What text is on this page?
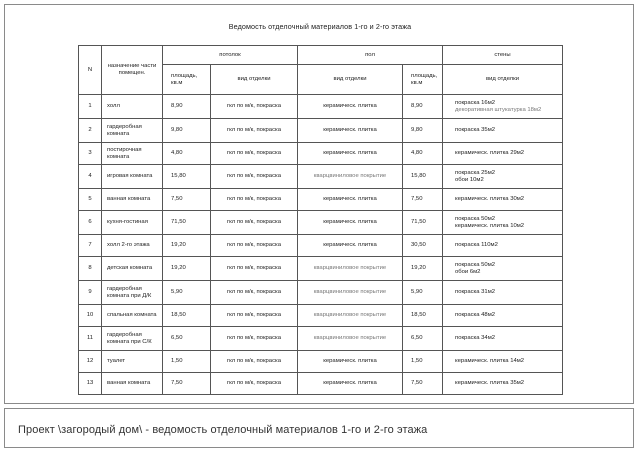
Ведомость отделочный материалов 1-го и 2-го этажа
N	назначение части помещен.	потолок		пол		стены
		площадь, кв.м	вид отделки	вид отделки	площадь, кв.м	вид отделки
1	холл	8,90	гкл по м/к, покраска	керамическ. плитка	8,90	покраска 16м2
декоративная штукатурка 18м2

2	гардеробная комната	9,80	гкл по м/к, покраска	керамическ. плитка	9,80	покраска 35м2

3	постирочная комната	4,80	гкл по м/к, покраска	керамическ. плитка	4,80	керамическ. плитка 29м2

4	игровая комната	15,80	гкл по м/к, покраска	кварцвиниловое покрытие	15,80	покраска 25м2
обои 10м2

5	ванная комната	7,50	гкл по м/к, покраска	керамическ. плитка	7,50	керамическ. плитка 30м2

6	кухня-гостиная	71,50	гкл по м/к, покраска	керамическ. плитка	71,50	покраска 50м2
керамическ. плитка 10м2

7	холл 2-го этажа	19,20	гкл по м/к, покраска	керамическ. плитка	30,50	покраска 110м2

8	детская комната	19,20	гкл по м/к, покраска	кварцвиниловое покрытие	19,20	покраска 50м2
обои 6м2

9	гардеробная комната при Д/К	5,90	гкл по м/к, покраска	кварцвиниловое покрытие	5,90	покраска 31м2

10	спальная комната	18,50	гкл по м/к, покраска	кварцвиниловое покрытие	18,50	покраска 48м2

11	гардеробная комната при С/К	6,50	гкл по м/к, покраска	кварцвиниловое покрытие	6,50	покраска 34м2

12	туалет	1,50	гкл по м/к, покраска	керамическ. плитка	1,50	керамическ. плитка 14м2

13	ванная комната	7,50	гкл по м/к, покраска	керамическ. плитка	7,50	керамическ. плитка 35м2
Проект \загородый дом\ - ведомость отделочный материалов 1-го и 2-го этажа
